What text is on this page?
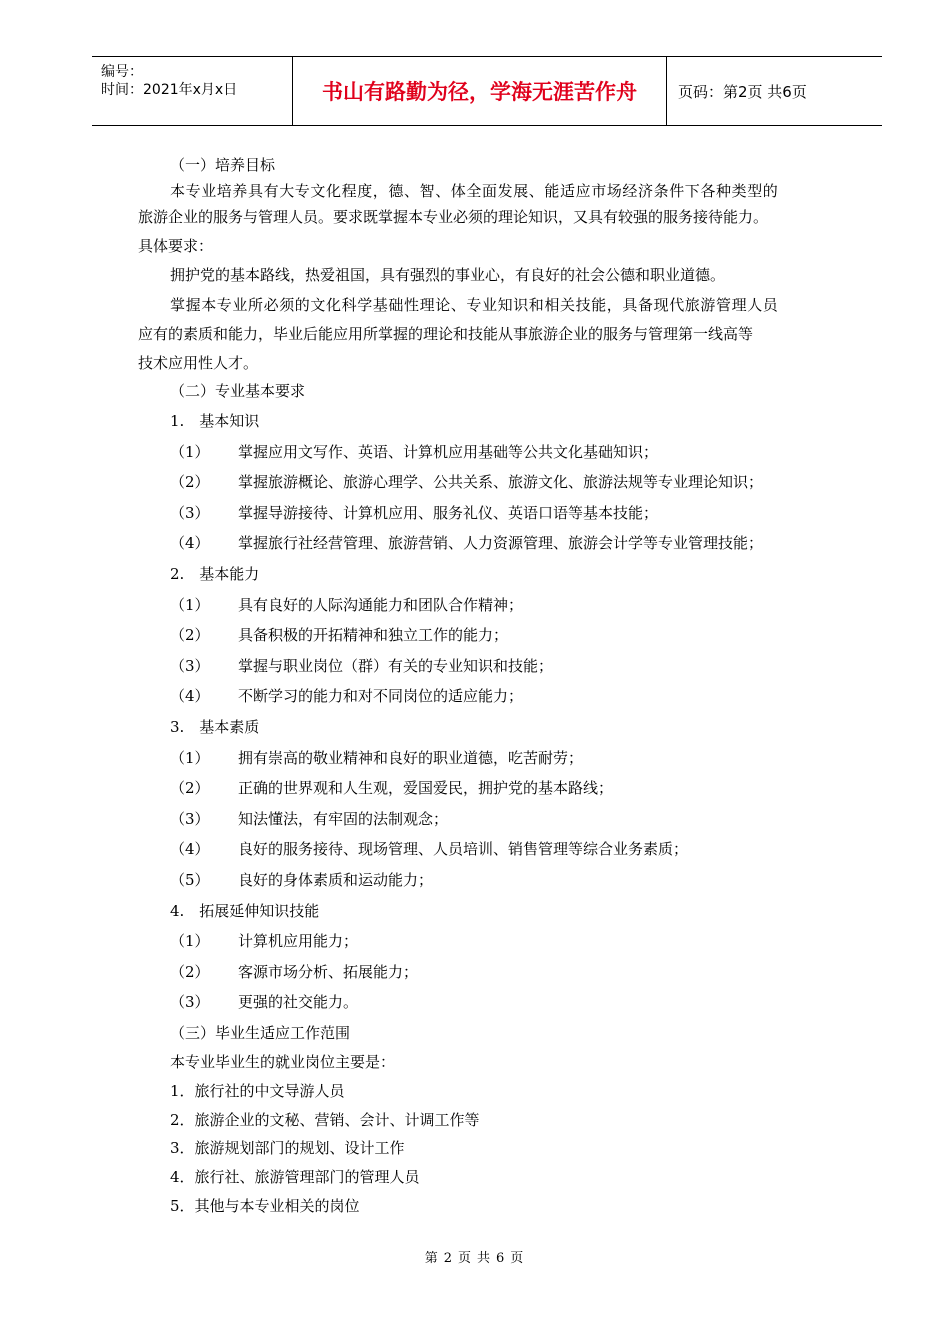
编号：
时间：2021年x月x日	书山有路勤为径，学海无涯苦作舟	页码：第2页 共6页
（一）培养目标
本专业培养具有大专文化程度，德、智、体全面发展、能适应市场经济条件下各种类型的
旅游企业的服务与管理人员。要求既掌握本专业必须的理论知识，又具有较强的服务接待能力。
具体要求：
拥护党的基本路线，热爱祖国，具有强烈的事业心，有良好的社会公德和职业道德。
掌握本专业所必须的文化科学基础性理论、专业知识和相关技能，具备现代旅游管理人员
应有的素质和能力，毕业后能应用所掌握的理论和技能从事旅游企业的服务与管理第一线高等
技术应用性人才。
（二）专业基本要求
1.　基本知识
（1） 掌握应用文写作、英语、计算机应用基础等公共文化基础知识；
（2） 掌握旅游概论、旅游心理学、公共关系、旅游文化、旅游法规等专业理论知识；
（3） 掌握导游接待、计算机应用、服务礼仪、英语口语等基本技能；
（4） 掌握旅行社经营管理、旅游营销、人力资源管理、旅游会计学等专业管理技能；
2.　基本能力
（1） 具有良好的人际沟通能力和团队合作精神；
（2） 具备积极的开拓精神和独立工作的能力；
（3） 掌握与职业岗位（群）有关的专业知识和技能；
（4） 不断学习的能力和对不同岗位的适应能力；
3.　基本素质
（1） 拥有崇高的敬业精神和良好的职业道德，吃苦耐劳；
（2） 正确的世界观和人生观，爱国爱民，拥护党的基本路线；
（3） 知法懂法，有牢固的法制观念；
（4） 良好的服务接待、现场管理、人员培训、销售管理等综合业务素质；
（5） 良好的身体素质和运动能力；
4.　拓展延伸知识技能
（1） 计算机应用能力；
（2） 客源市场分析、拓展能力；
（3） 更强的社交能力。
（三）毕业生适应工作范围
本专业毕业生的就业岗位主要是：
1．旅行社的中文导游人员
2．旅游企业的文秘、营销、会计、计调工作等
3．旅游规划部门的规划、设计工作
4．旅行社、旅游管理部门的管理人员
5．其他与本专业相关的岗位
第 2 页 共 6 页
